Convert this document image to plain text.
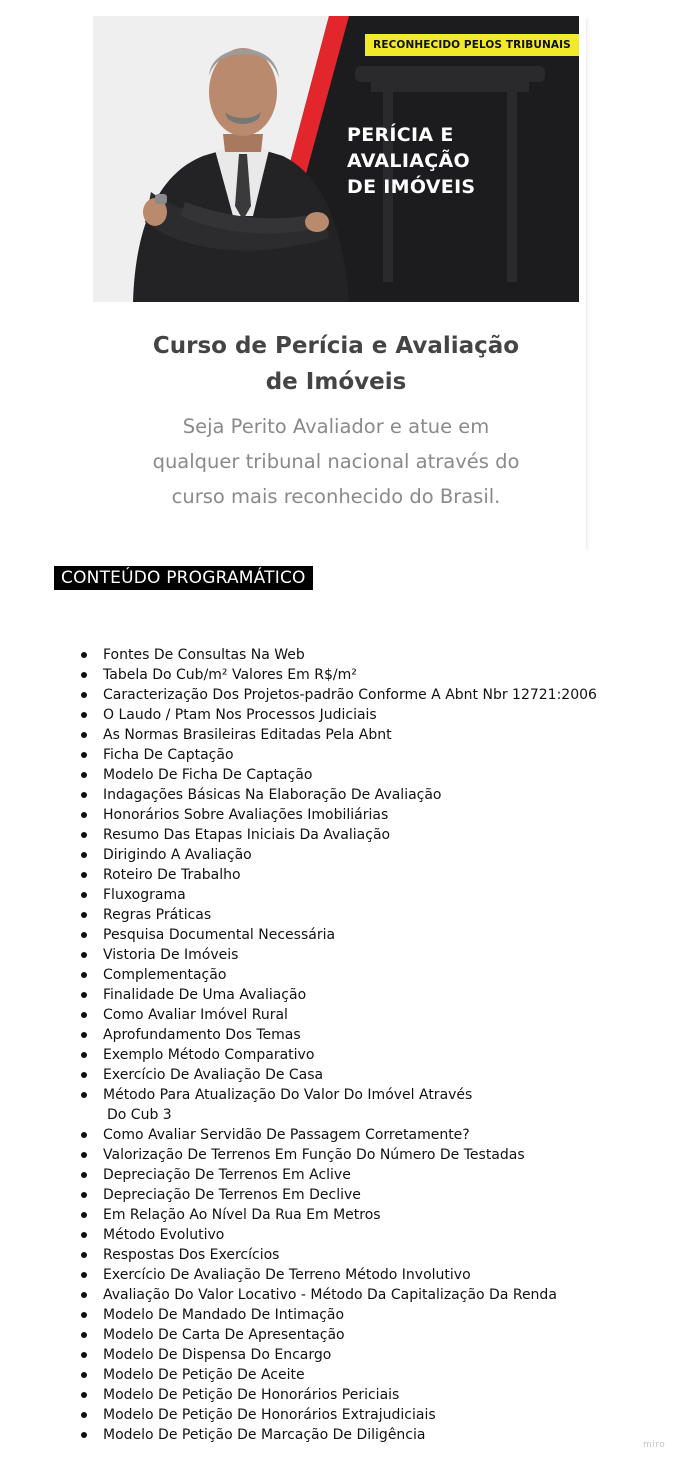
RECONHECIDO PELOS TRIBUNAIS
PERÍCIA E
AVALIAÇÃO
DE IMÓVEIS
Curso de Perícia e Avaliação
de Imóveis
Seja Perito Avaliador e atue em
qualquer tribunal nacional através do
curso mais reconhecido do Brasil.
CONTEÚDO PROGRAMÁTICO
Fontes De Consultas Na Web
Tabela Do Cub/m² Valores Em R$/m²
Caracterização Dos Projetos-padrão Conforme A Abnt Nbr 12721:2006
O Laudo / Ptam Nos Processos Judiciais
As Normas Brasileiras Editadas Pela Abnt
Ficha De Captação
Modelo De Ficha De Captação
Indagações Básicas Na Elaboração De Avaliação
Honorários Sobre Avaliações Imobiliárias
Resumo Das Etapas Iniciais Da Avaliação
Dirigindo A Avaliação
Roteiro De Trabalho
Fluxograma
Regras Práticas
Pesquisa Documental Necessária
Vistoria De Imóveis
Complementação
Finalidade De Uma Avaliação
Como Avaliar Imóvel Rural
Aprofundamento Dos Temas
Exemplo Método Comparativo
Exercício De Avaliação De Casa
Método Para Atualização Do Valor Do Imóvel Através
Do Cub 3
Como Avaliar Servidão De Passagem Corretamente?
Valorização De Terrenos Em Função Do Número De Testadas
Depreciação De Terrenos Em Aclive
Depreciação De Terrenos Em Declive
Em Relação Ao Nível Da Rua Em Metros
Método Evolutivo
Respostas Dos Exercícios
Exercício De Avaliação De Terreno Método Involutivo
Avaliação Do Valor Locativo - Método Da Capitalização Da Renda
Modelo De Mandado De Intimação
Modelo De Carta De Apresentação
Modelo De Dispensa Do Encargo
Modelo De Petição De Aceite
Modelo De Petição De Honorários Periciais
Modelo De Petição De Honorários Extrajudiciais
Modelo De Petição De Marcação De Diligência
miro
